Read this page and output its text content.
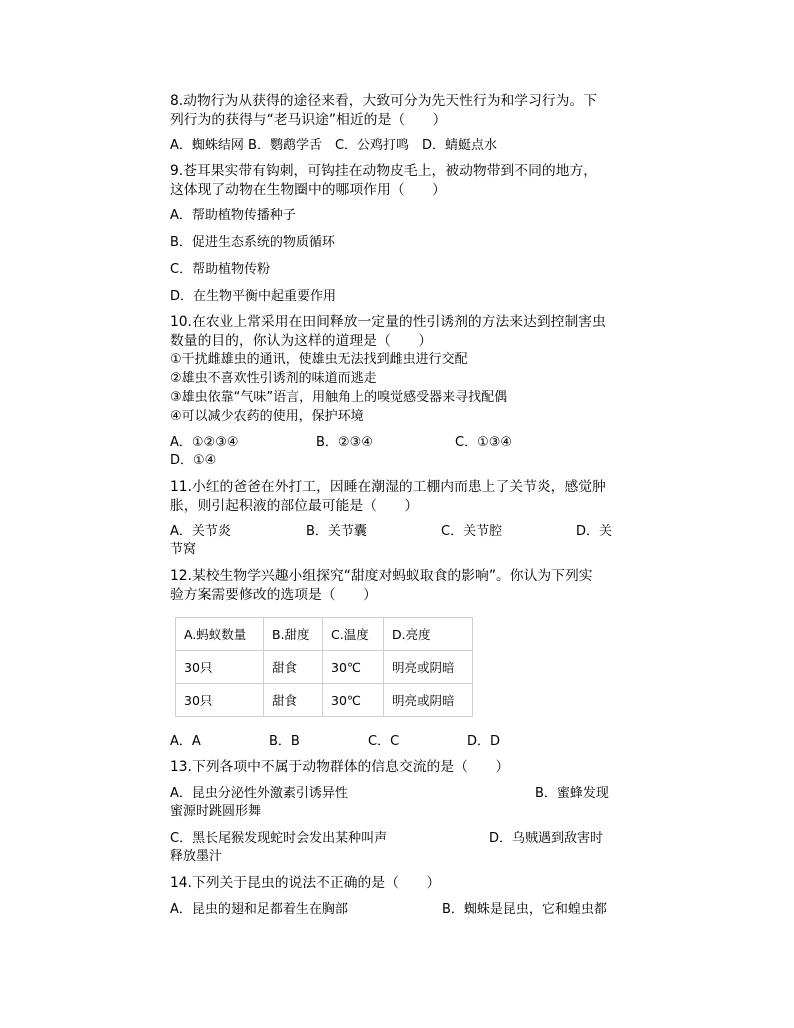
8.动物行为从获得的途径来看，大致可分为先天性行为和学习行为。下
列行为的获得与“老马识途”相近的是（　　）
A．蜘蛛结网 B．鹦鹉学舌　C．公鸡打鸣　D．蜻蜓点水
9.苍耳果实带有钩刺，可钩挂在动物皮毛上，被动物带到不同的地方，
这体现了动物在生物圈中的哪项作用（　　）
A．帮助植物传播种子
B．促进生态系统的物质循环
C．帮助植物传粉
D．在生物平衡中起重要作用
10.在农业上常采用在田间释放一定量的性引诱剂的方法来达到控制害虫
数量的目的，你认为这样的道理是（　　）
①干扰雌雄虫的通讯，使雄虫无法找到雌虫进行交配
②雄虫不喜欢性引诱剂的味道而逃走
③雄虫依靠“气味”语言，用触角上的嗅觉感受器来寻找配偶
④可以减少农药的使用，保护环境
A．①②③④	B．②③④	C．①③④
D．①④
11.小红的爸爸在外打工，因睡在潮湿的工棚内而患上了关节炎，感觉肿
胀，则引起积液的部位最可能是（　　）
A．关节炎	B．关节囊	C．关节腔	D．关
节窝
12.某校生物学兴趣小组探究“甜度对蚂蚁取食的影响”。你认为下列实
验方案需要修改的选项是（　　）
A.蚂蚁数量	B.甜度	C.温度	D.亮度
30只	甜食	30℃	明亮或阴暗
30只	甜食	30℃	明亮或阴暗
A．A	B．B	C．C	D．D
13.下列各项中不属于动物群体的信息交流的是（　　）
A．昆虫分泌性外激素引诱异性	B．蜜蜂发现
蜜源时跳圆形舞
C．黑长尾猴发现蛇时会发出某种叫声	D．乌贼遇到敌害时
释放墨汁
14.下列关于昆虫的说法不正确的是（　　）
A．昆虫的翅和足都着生在胸部	B．蜘蛛是昆虫，它和蝗虫都
